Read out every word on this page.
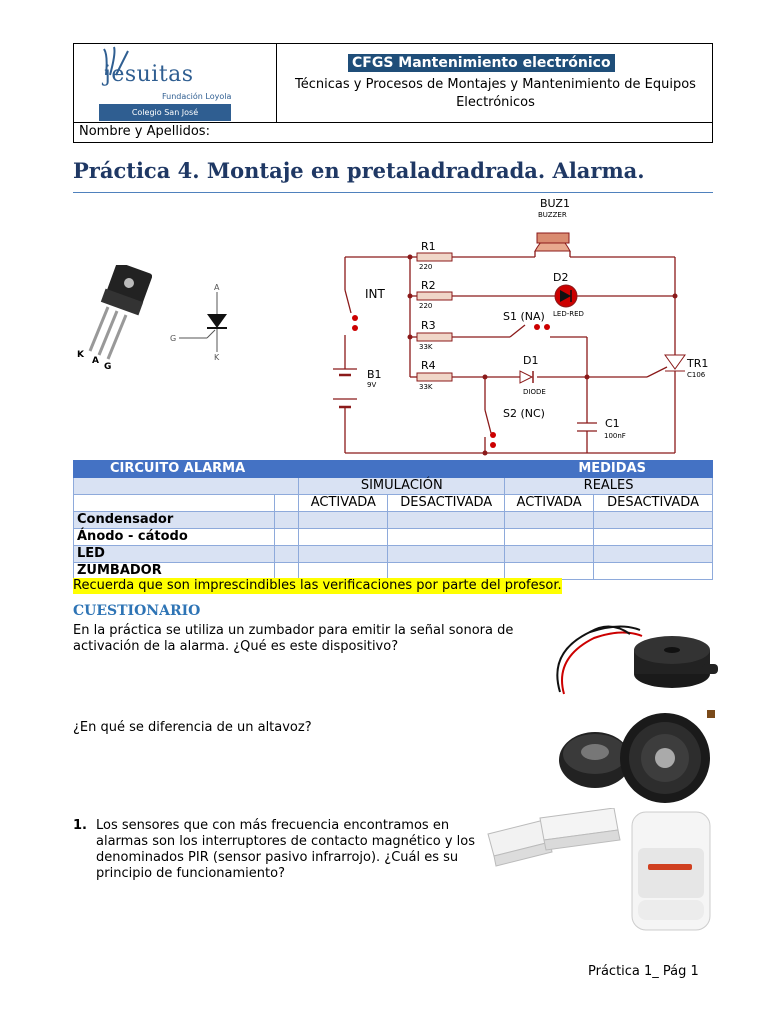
jesuitas
Fundación Loyola
Colegio San José
CFGS Mantenimiento electrónico
Técnicas y Procesos de Montajes y Mantenimiento de Equipos Electrónicos
Nombre y Apellidos:
Práctica 4. Montaje en pretaladradrada. Alarma.
K
A
G
A
G
K
BUZ1
R1
R2
R3
R4
D2
S1 (NA)
D1
S2 (NC)
C1
INT
B1
TR1
BUZZER
220
220
33K
33K
LED-RED
DIODE
100nF
9V
C106
CIRCUITO ALARMA		MEDIDAS			
		SIMULACIÓN		REALES	
		ACTIVADA	DESACTIVADA	ACTIVADA	DESACTIVADA
Condensador					
Ánodo - cátodo					
LED					
ZUMBADOR					
Recuerda que son imprescindibles las verificaciones por parte del profesor.
CUESTIONARIO
En la práctica se utiliza un zumbador para emitir la señal sonora de activación de la alarma. ¿Qué es este dispositivo?
¿En qué se diferencia de un altavoz?
1. Los sensores que con más frecuencia encontramos en alarmas son los interruptores de contacto magnético y los denominados PIR (sensor pasivo infrarrojo). ¿Cuál es su principio de funcionamiento?
Práctica 1_ Pág 1
